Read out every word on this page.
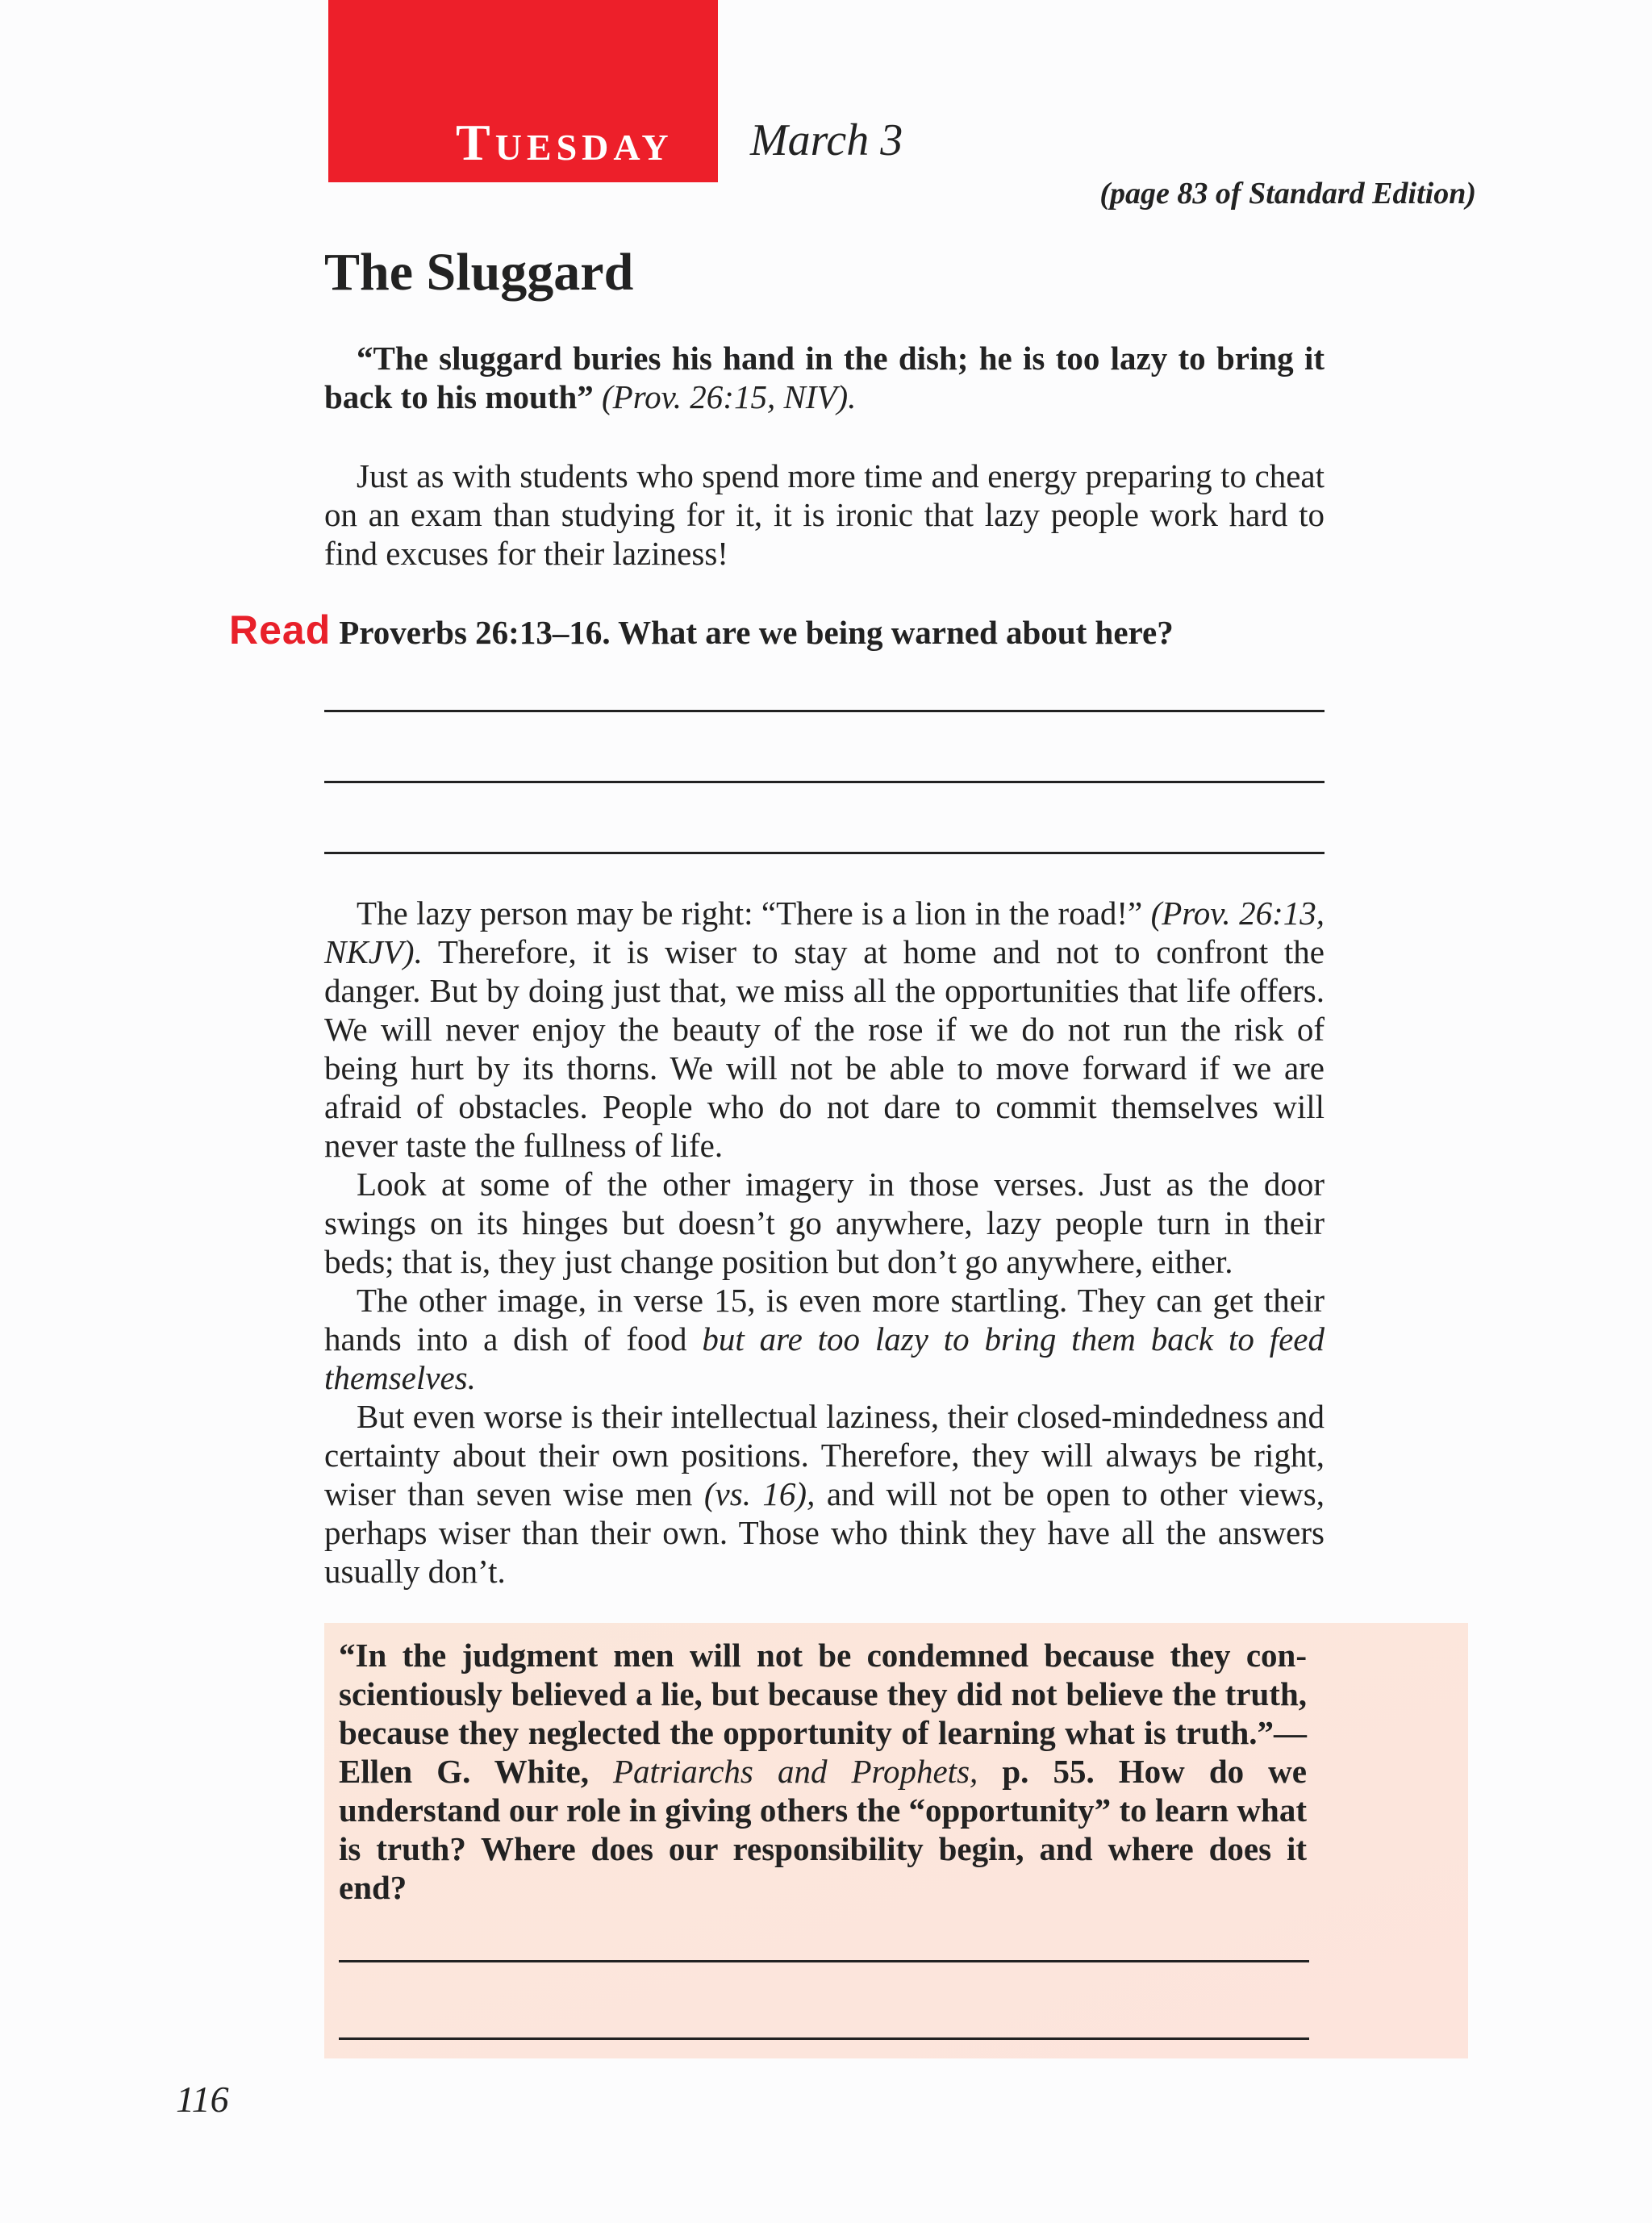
TUESDAY March 3
(page 83 of Standard Edition)
The Sluggard

“The sluggard buries his hand in the dish; he is too lazy to bring it back to his mouth” (Prov. 26:15, NIV).

Just as with students who spend more time and energy preparing to cheat on an exam than studying for it, it is ironic that lazy people work hard to find excuses for their laziness!

Read Proverbs 26:13–16. What are we being warned about here?

The lazy person may be right: “There is a lion in the road!” (Prov. 26:13, NKJV). Therefore, it is wiser to stay at home and not to confront the danger. But by doing just that, we miss all the opportunities that life offers. We will never enjoy the beauty of the rose if we do not run the risk of being hurt by its thorns. We will not be able to move forward if we are afraid of obstacles. People who do not dare to commit themselves will never taste the fullness of life.

Look at some of the other imagery in those verses. Just as the door swings on its hinges but doesn’t go anywhere, lazy people turn in their beds; that is, they just change position but don’t go anywhere, either.

The other image, in verse 15, is even more startling. They can get their hands into a dish of food but are too lazy to bring them back to feed themselves.

But even worse is their intellectual laziness, their closed-mindedness and certainty about their own positions. Therefore, they will always be right, wiser than seven wise men (vs. 16), and will not be open to other views, perhaps wiser than their own. Those who think they have all the answers usually don’t.

“In the judgment men will not be condemned because they conscientiously believed a lie, but because they did not believe the truth, because they neglected the opportunity of learning what is truth.”—Ellen G. White, Patriarchs and Prophets, p. 55. How do we understand our role in giving others the “opportunity” to learn what is truth? Where does our responsibility begin, and where does it end?
116
